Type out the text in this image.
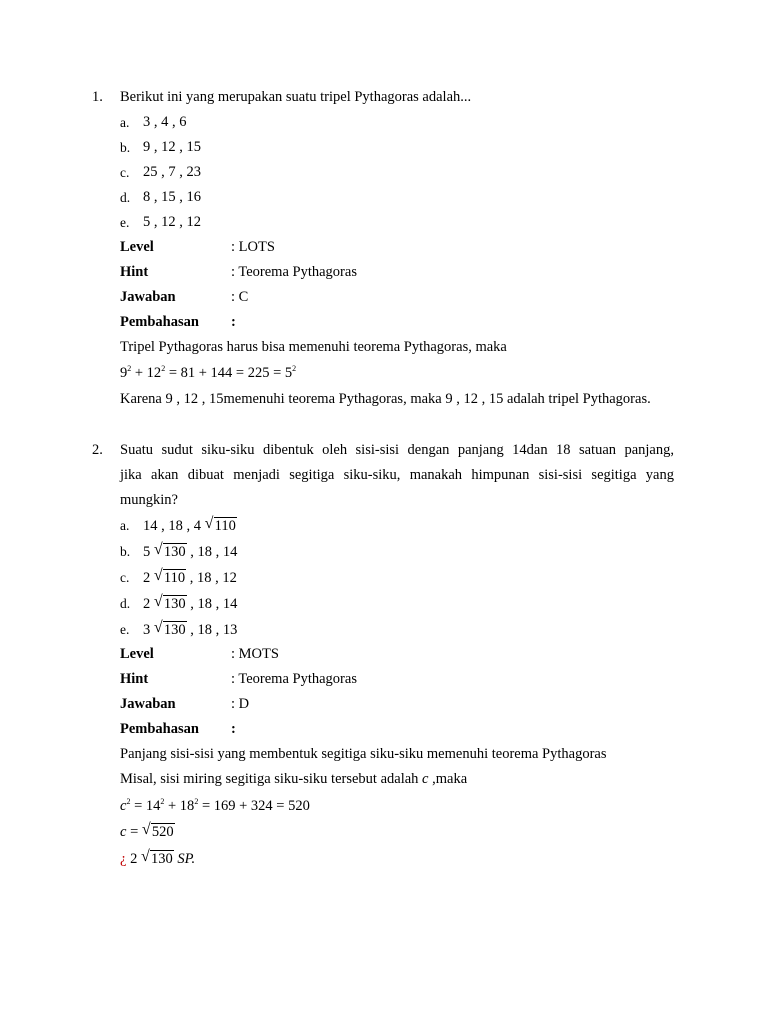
1. Berikut ini yang merupakan suatu tripel Pythagoras adalah...
a. 3 , 4 , 6
b. 9 , 12 , 15
c. 25 , 7 , 23
d. 8 , 15 , 16
e. 5 , 12 , 12
Level	: LOTS
Hint	: Teorema Pythagoras
Jawaban	: C
Pembahasan :
Tripel Pythagoras harus bisa memenuhi teorema Pythagoras, maka
$9^2 + 12^2 = 81 + 144 = 225 = 5^2$
Karena 9 , 12 , 15memenuhi teorema Pythagoras, maka 9 , 12 , 15 adalah tripel Pythagoras.
2. Suatu sudut siku-siku dibentuk oleh sisi-sisi dengan panjang 14dan 18 satuan panjang,
jika akan dibuat menjadi segitiga siku-siku, manakah himpunan sisi-sisi segitiga yang
mungkin?
a. 14 , 18 , 4 √ 110
b. 5 √ 130 , 18 , 14
c. 2 √ 110 , 18 , 12
d. 2 √ 130 , 18 , 14
e. 3 √ 130 , 18 , 13
Level	: MOTS
Hint	: Teorema Pythagoras
Jawaban	: D
Pembahasan :
Panjang sisi-sisi yang membentuk segitiga siku-siku memenuhi teorema Pythagoras
Misal, sisi miring segitiga siku-siku tersebut adalah c ,maka
$c^2 = 14^2 + 18^2 = 169 + 324 = 520$
c = √ 520
¿ 2 √ 130 SP.
